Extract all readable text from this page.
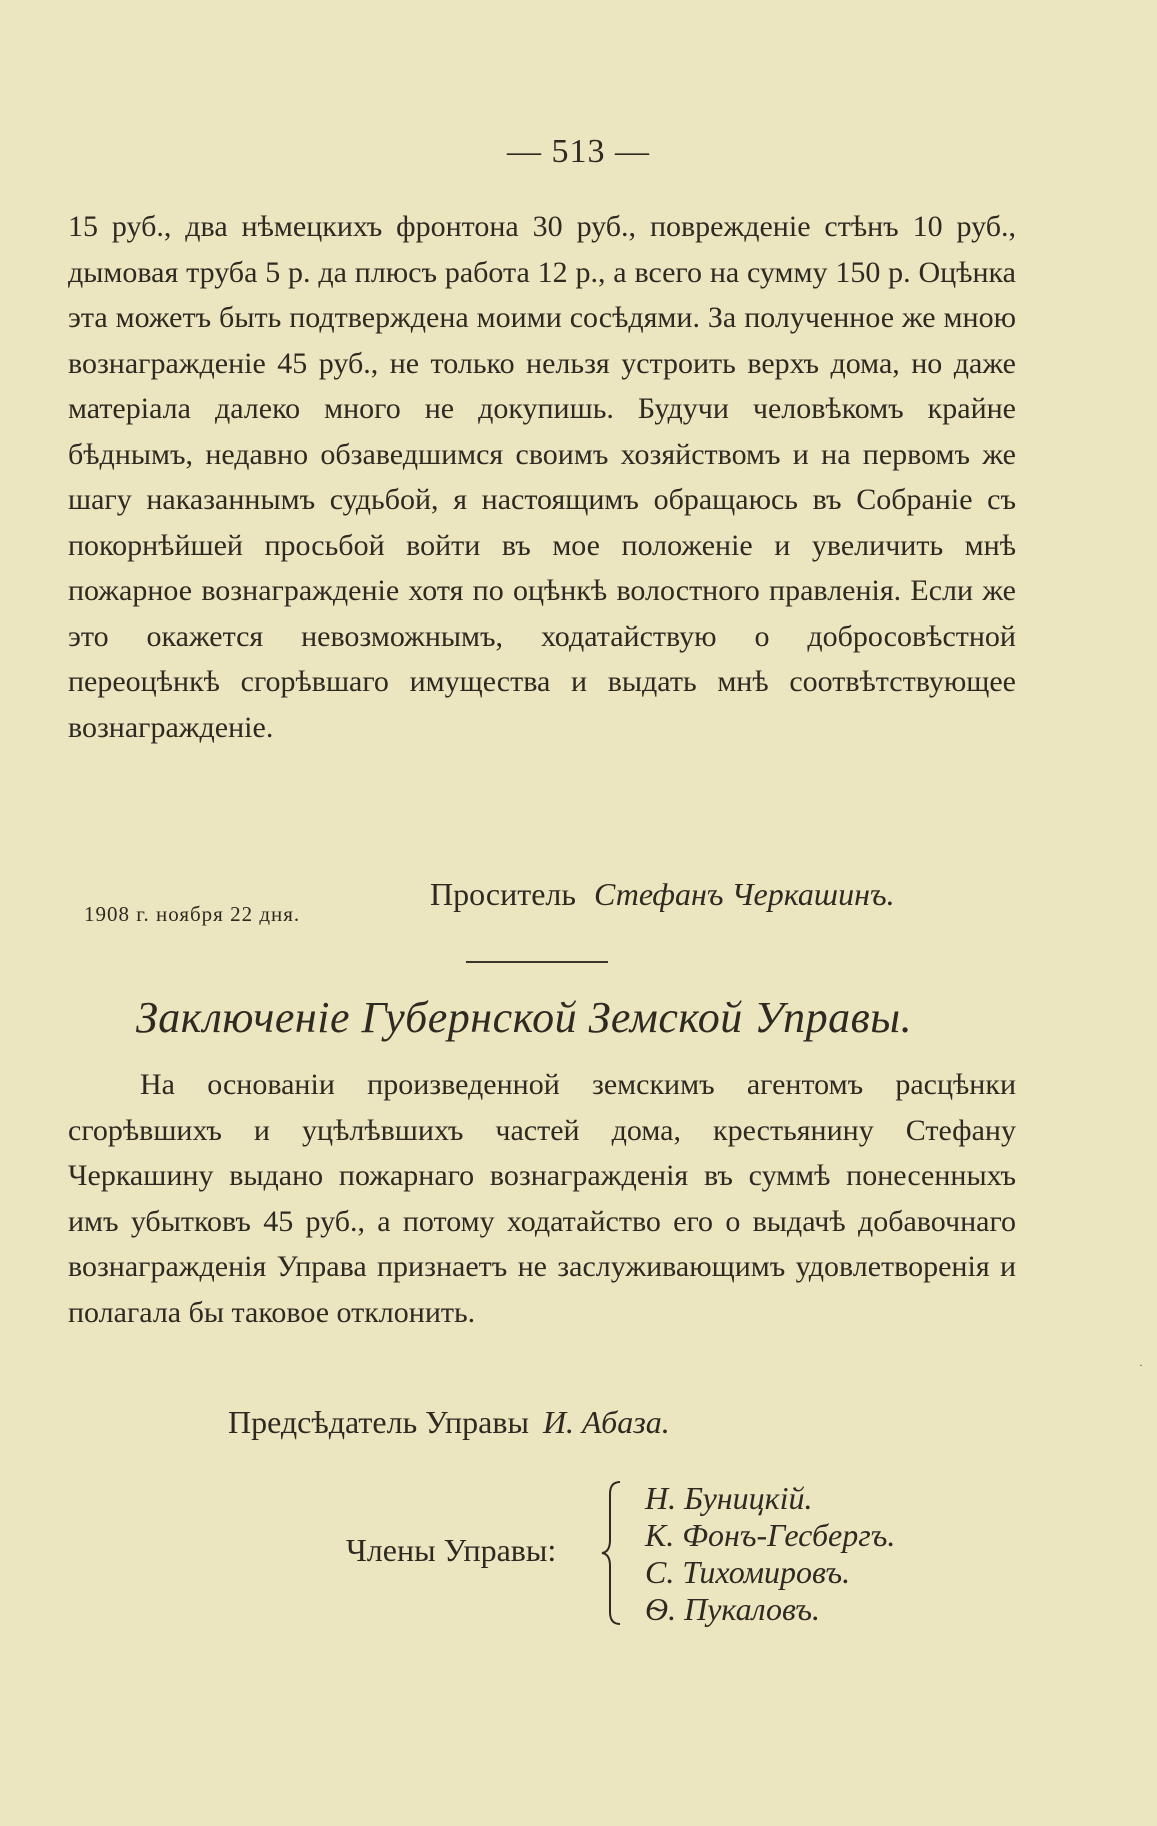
— 513 —

15 руб., два нѣмецкихъ фронтона 30 руб., поврежденіе стѣнъ 10 руб., дымовая труба 5 р. да плюсъ работа 12 р., а всего на сумму 150 р. Оцѣнка эта можетъ быть подтверждена моими сосѣдями. За полученное же мною вознагражденіе 45 руб., не только нельзя устроить верхъ дома, но даже матеріала далеко много не докупишь. Будучи человѣкомъ крайне бѣднымъ, недавно обзаведшимся своимъ хозяйствомъ и на первомъ же шагу наказаннымъ судьбой, я настоящимъ обращаюсь въ Собраніе съ покорнѣйшей просьбой войти въ мое положеніе и увеличить мнѣ пожарное вознагражденіе хотя по оцѣнкѣ волостного правленія. Если же это окажется невозможнымъ, ходатайствую о добросовѣстной переоцѣнкѣ сгорѣвшаго имущества и выдать мнѣ соотвѣтствующее вознагражденіе.

1908 г. ноября 22 дня.
Проситель Стефанъ Черкашинъ.
Заключеніе Губернской Земской Управы.

На основаніи произведенной земскимъ агентомъ расцѣнки сгорѣвшихъ и уцѣлѣвшихъ частей дома, крестьянину Стефану Черкашину выдано пожарнаго вознагражденія въ суммѣ понесенныхъ имъ убытковъ 45 руб., а потому ходатайство его о выдачѣ добавочнаго вознагражденія Управа признаетъ не заслуживающимъ удовлетворенія и полагала бы таковое отклонить.

·
Предсѣдатель Управы И. Абаза.
Члены Управы:
Н. Буницкій.
К. Фонъ-Гесбергъ.
С. Тихомировъ.
Ѳ. Пукаловъ.
